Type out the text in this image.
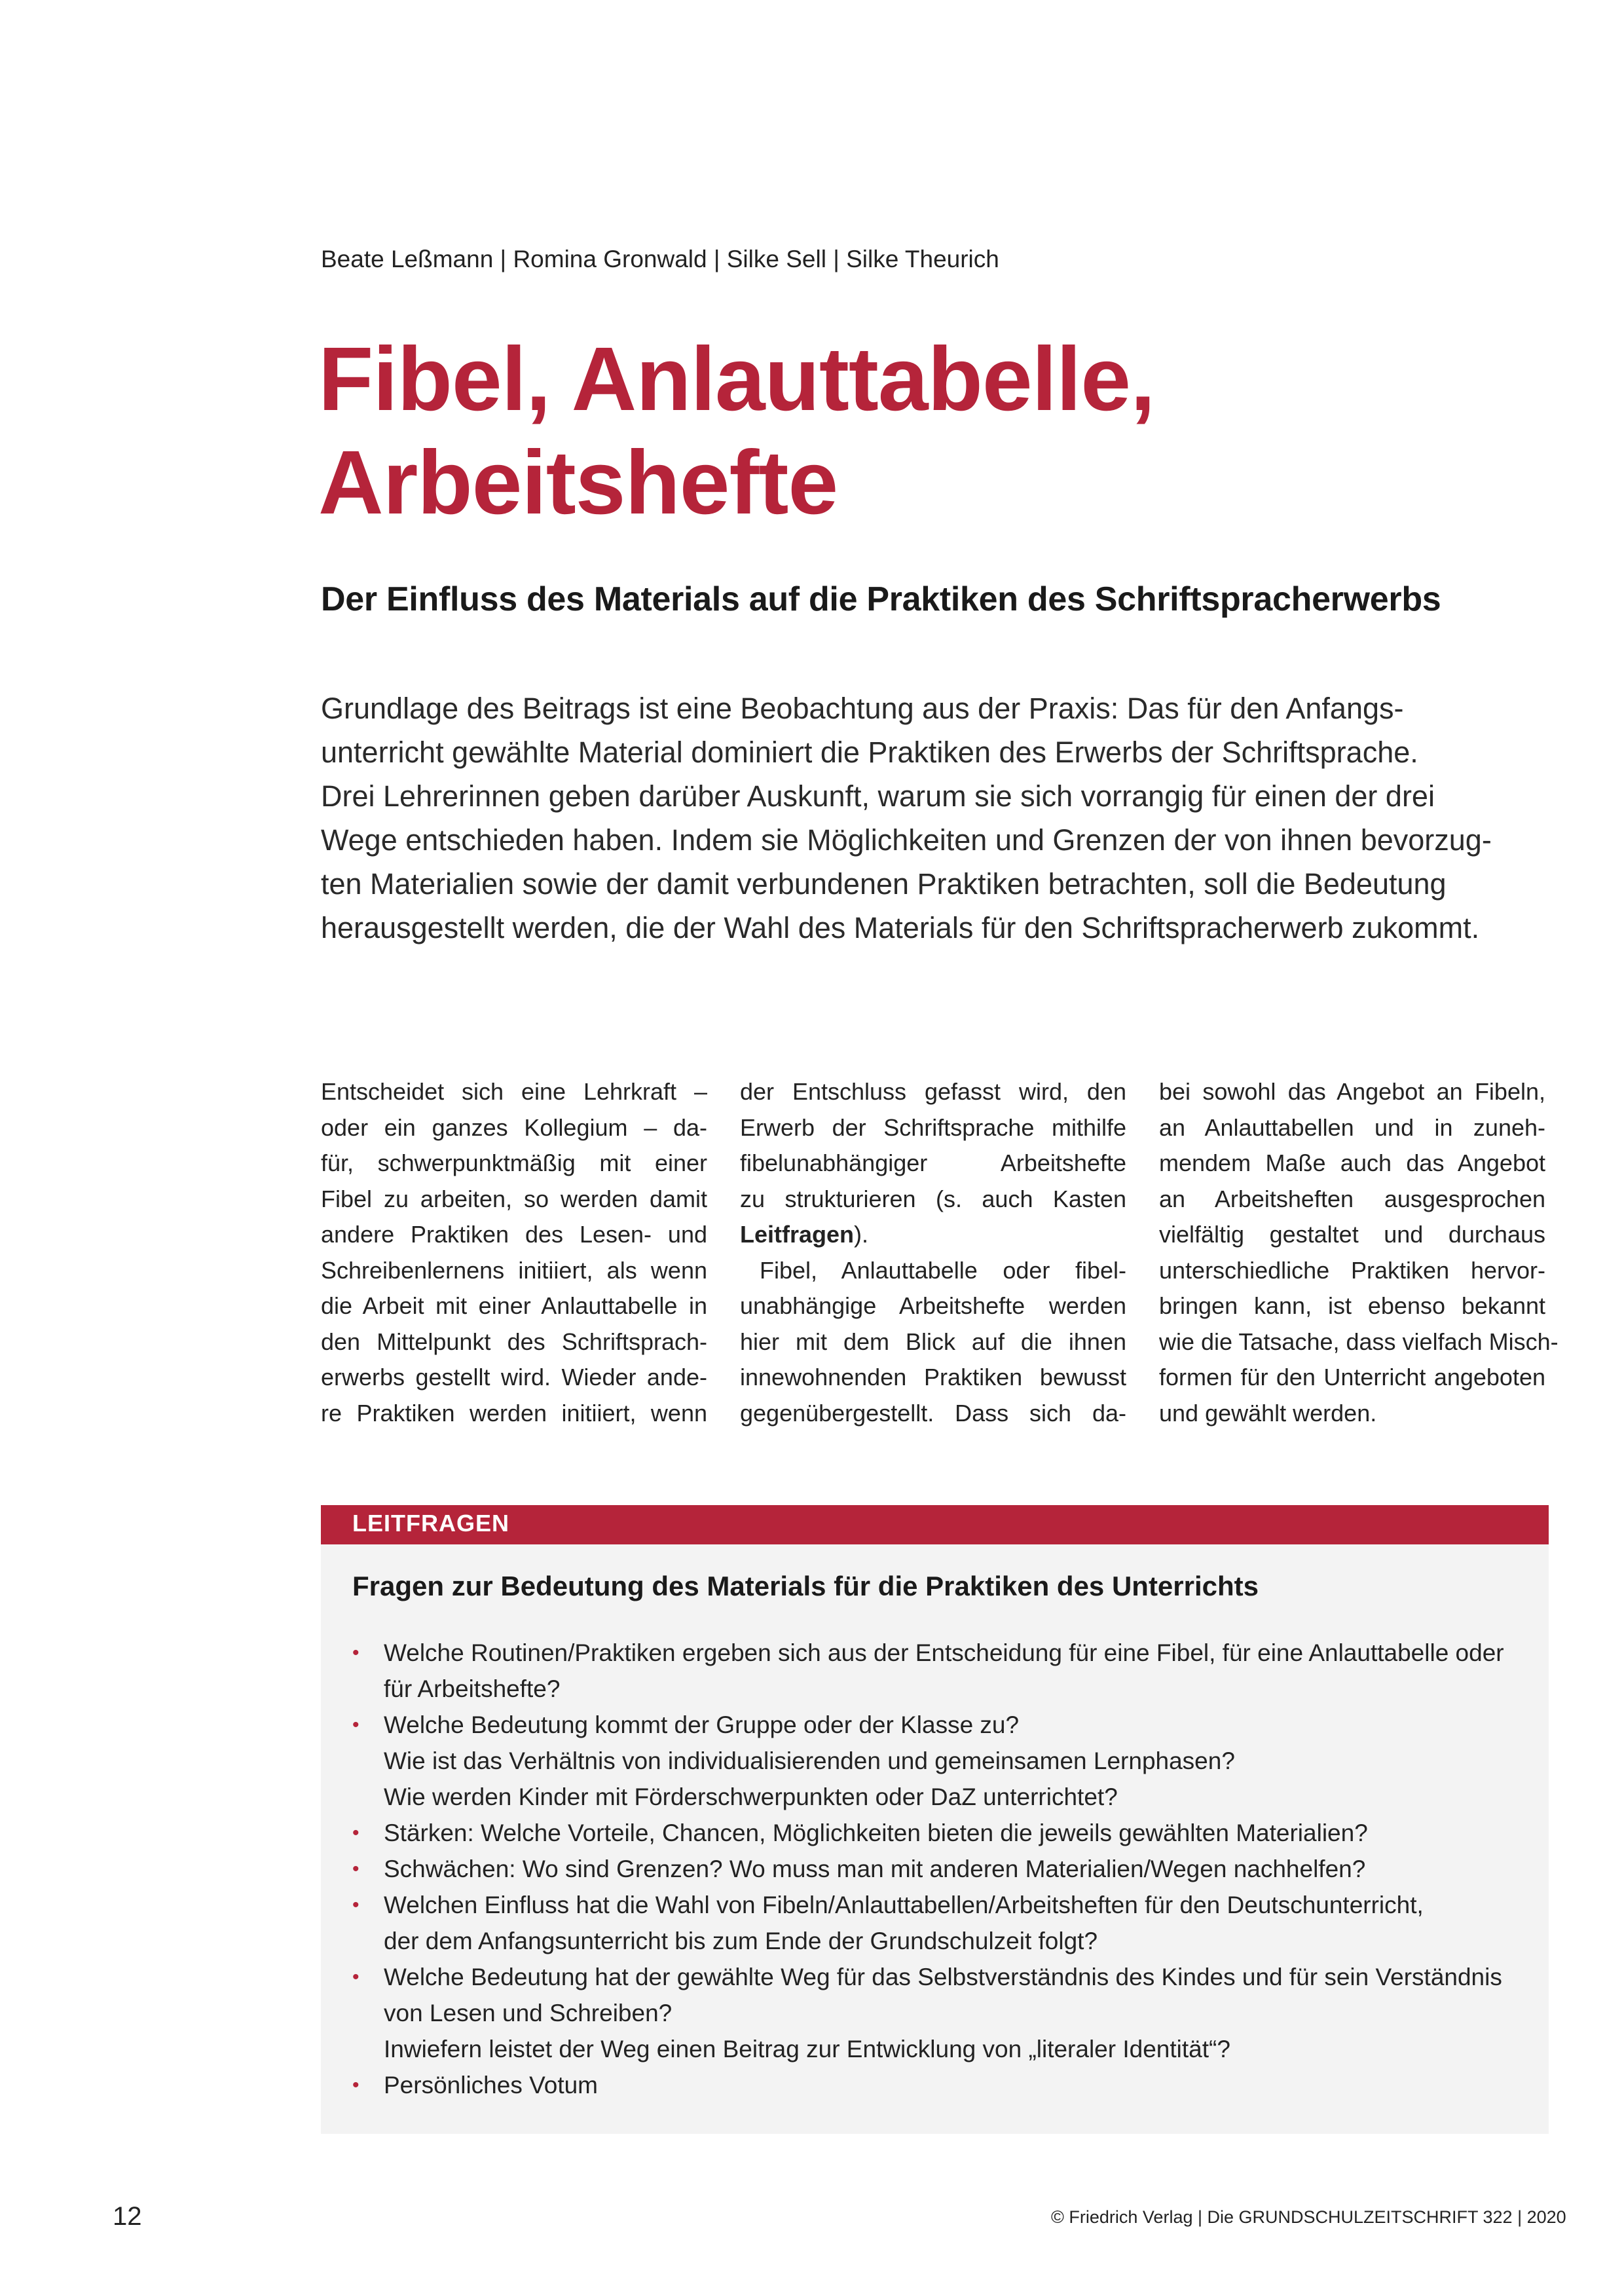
Beate Leßmann | Romina Gronwald | Silke Sell | Silke Theurich
Fibel, Anlauttabelle,
Arbeitshefte
Der Einfluss des Materials auf die Praktiken des Schriftspracherwerbs
Grundlage des Beitrags ist eine Beobachtung aus der Praxis: Das für den Anfangs-
unterricht gewählte Material dominiert die Praktiken des Erwerbs der Schriftsprache.
Drei Lehrerinnen geben darüber Auskunft, warum sie sich vorrangig für einen der drei
Wege entschieden haben. Indem sie Möglichkeiten und Grenzen der von ihnen bevorzug-
ten Materialien sowie der damit verbundenen Praktiken betrachten, soll die Bedeutung
herausgestellt werden, die der Wahl des Materials für den Schriftspracherwerb zukommt.
Entscheidet sich eine Lehrkraft –
oder ein ganzes Kollegium – da-
für, schwerpunktmäßig mit einer
Fibel zu arbeiten, so werden damit
andere Praktiken des Lesen- und
Schreibenlernens initiiert, als wenn
die Arbeit mit einer Anlauttabelle in
den Mittelpunkt des Schriftsprach-
erwerbs gestellt wird. Wieder ande-
re Praktiken werden initiiert, wenn
der Entschluss gefasst wird, den
Erwerb der Schriftsprache mithilfe
fibelunabhängiger Arbeitshefte
zu strukturieren (s. auch Kasten
Leitfragen).
Fibel, Anlauttabelle oder fibel-
unabhängige Arbeitshefte werden
hier mit dem Blick auf die ihnen
innewohnenden Praktiken bewusst
gegenübergestellt. Dass sich da-
bei sowohl das Angebot an Fibeln,
an Anlauttabellen und in zuneh-
mendem Maße auch das Angebot
an Arbeitsheften ausgesprochen
vielfältig gestaltet und durchaus
unterschiedliche Praktiken hervor-
bringen kann, ist ebenso bekannt
wie die Tatsache, dass vielfach Misch-
formen für den Unterricht angeboten
und gewählt werden.
LEITFRAGEN
Fragen zur Bedeutung des Materials für die Praktiken des Unterrichts
• Welche Routinen/Praktiken ergeben sich aus der Entscheidung für eine Fibel, für eine Anlauttabelle oder
für Arbeitshefte?
• Welche Bedeutung kommt der Gruppe oder der Klasse zu?
Wie ist das Verhältnis von individualisierenden und gemeinsamen Lernphasen?
Wie werden Kinder mit Förderschwerpunkten oder DaZ unterrichtet?
• Stärken: Welche Vorteile, Chancen, Möglichkeiten bieten die jeweils gewählten Materialien?
• Schwächen: Wo sind Grenzen? Wo muss man mit anderen Materialien/Wegen nachhelfen?
• Welchen Einfluss hat die Wahl von Fibeln/Anlauttabellen/Arbeitsheften für den Deutschunterricht,
der dem Anfangsunterricht bis zum Ende der Grundschulzeit folgt?
• Welche Bedeutung hat der gewählte Weg für das Selbstverständnis des Kindes und für sein Verständnis
von Lesen und Schreiben?
Inwiefern leistet der Weg einen Beitrag zur Entwicklung von „literaler Identität“?
• Persönliches Votum
12	© Friedrich Verlag | Die GRUNDSCHULZEITSCHRIFT 322 | 2020
